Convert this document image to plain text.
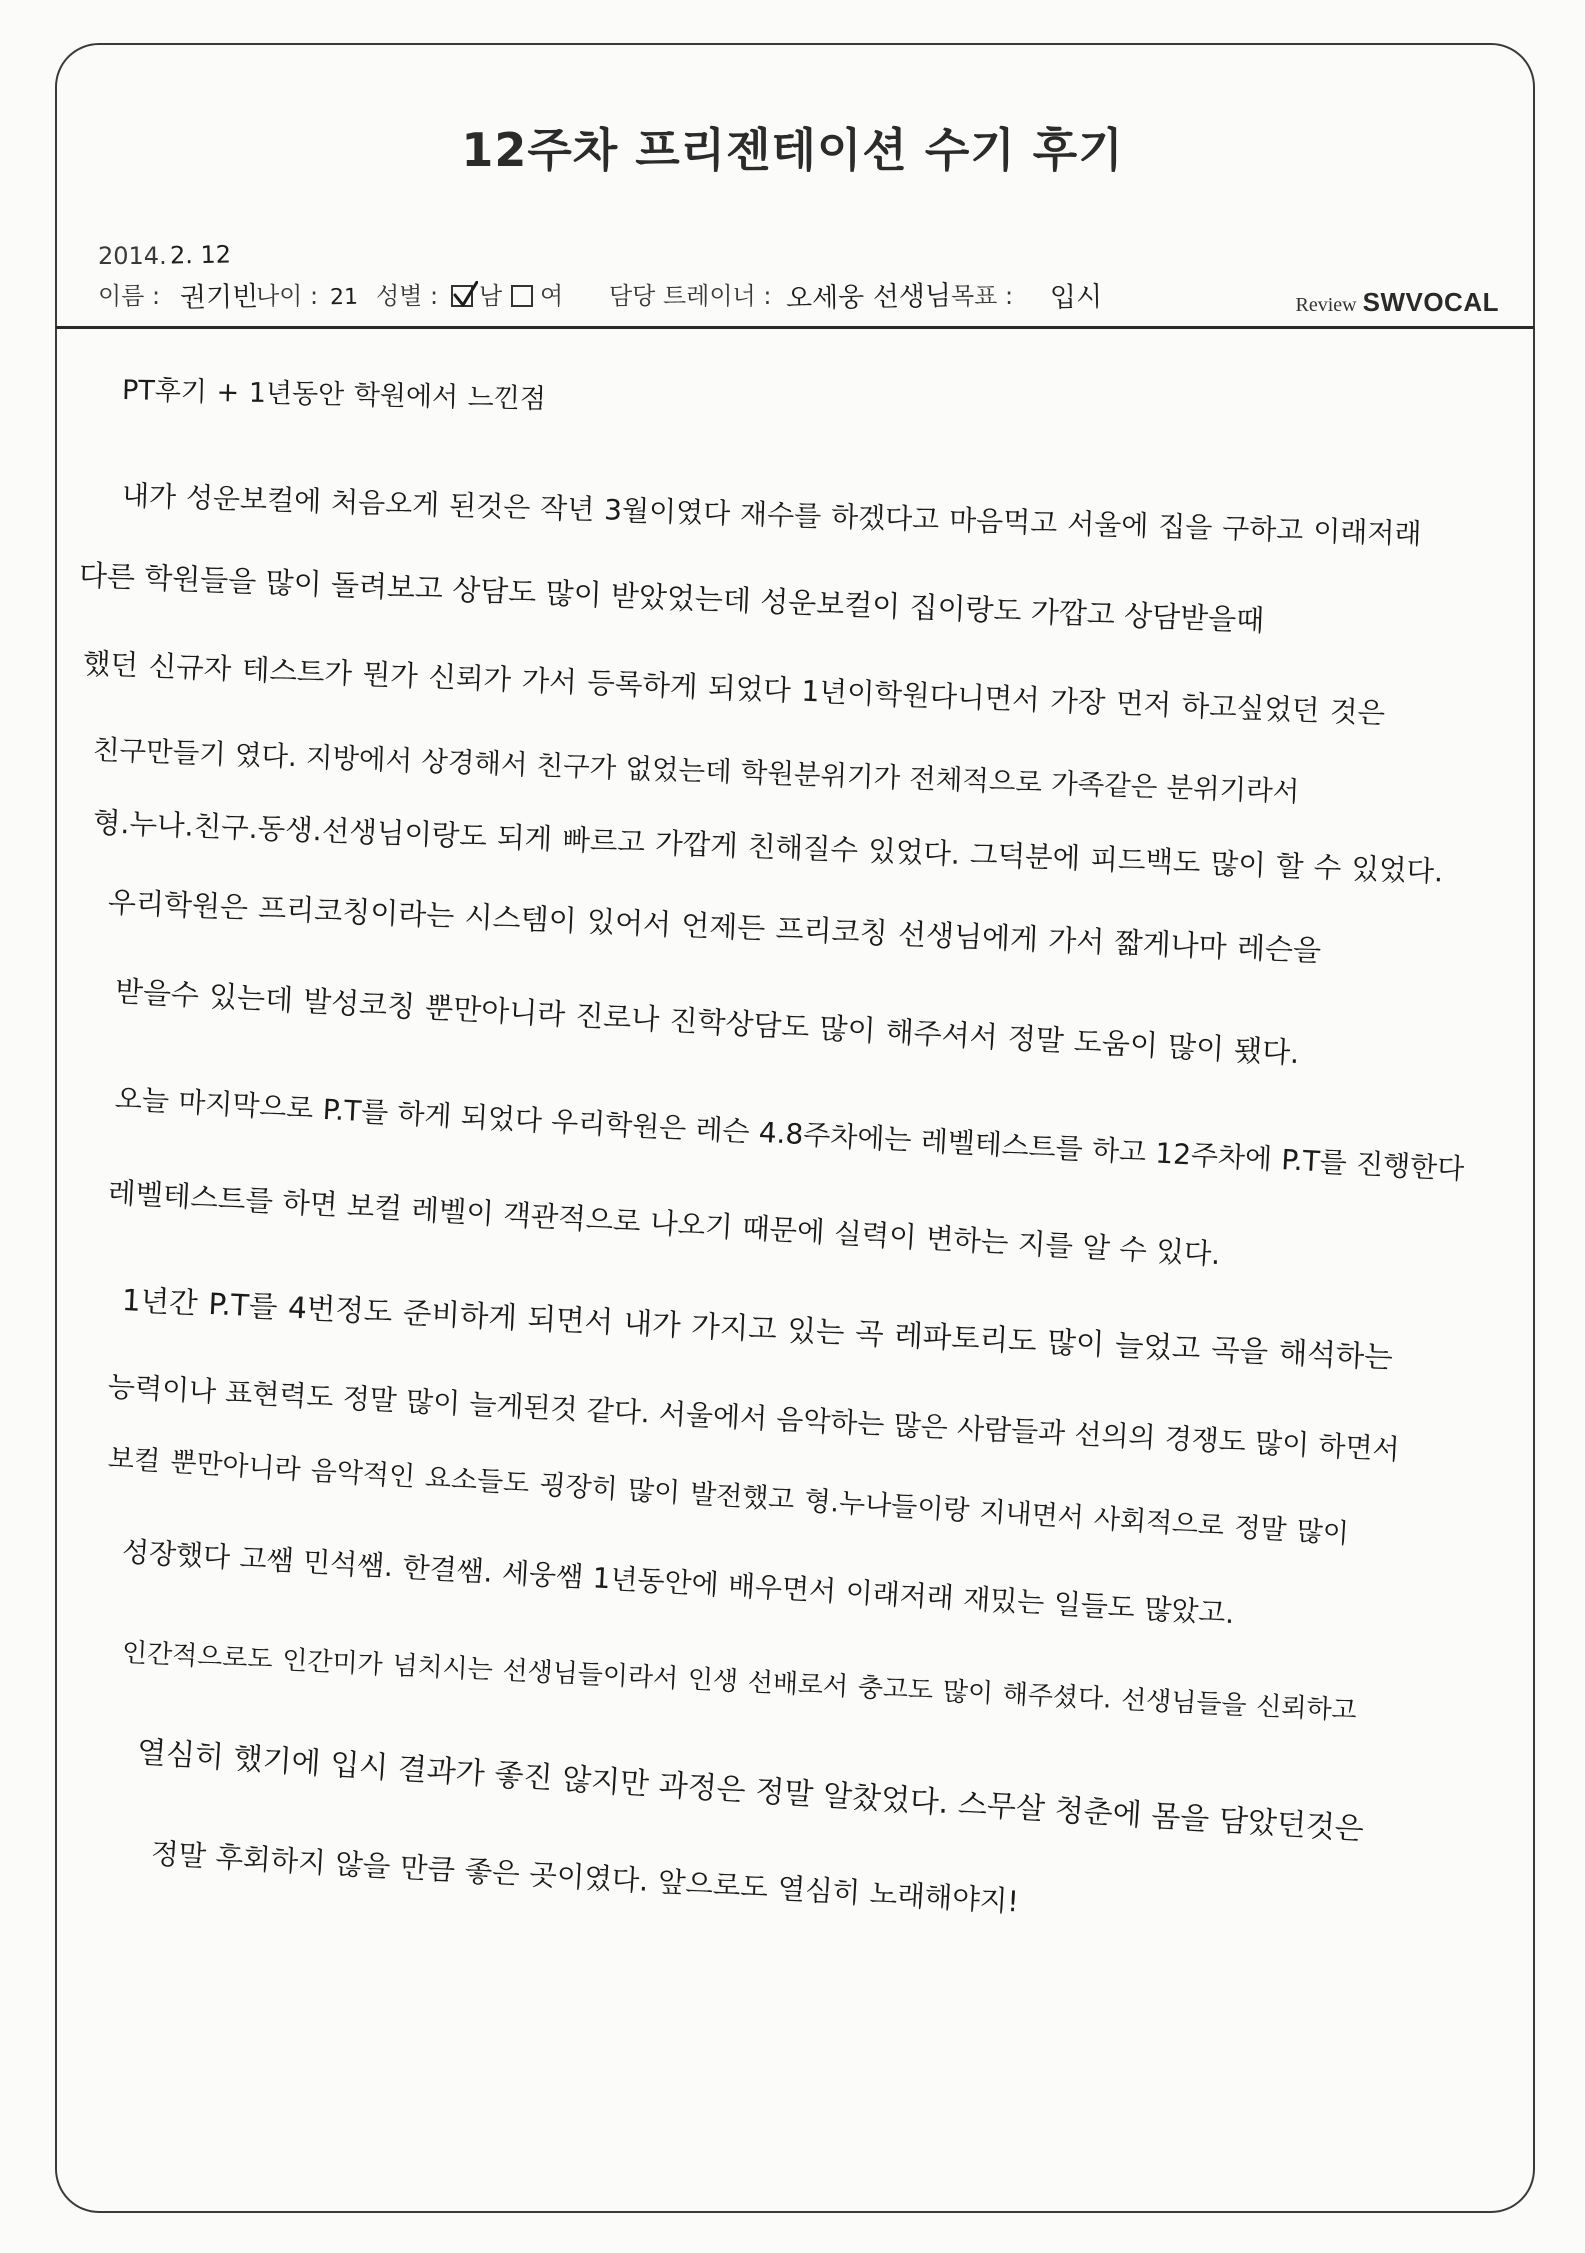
12주차 프리젠테이션 수기 후기
2014. 2. 12
이름 : 권기빈
나이 : 21 성별 : 남 여 담당 트레이너 : 오세웅 선생님 목표 : 입시	Review SWVOCAL
PT후기 + 1년동안 학원에서 느낀점
내가 성운보컬에 처음오게 된것은 작년 3월이였다 재수를 하겠다고 마음먹고 서울에 집을 구하고 이래저래
다른 학원들을 많이 돌려보고 상담도 많이 받았었는데 성운보컬이 집이랑도 가깝고 상담받을때
했던 신규자 테스트가 뭔가 신뢰가 가서 등록하게 되었다 1년이학원다니면서 가장 먼저 하고싶었던 것은
친구만들기 였다. 지방에서 상경해서 친구가 없었는데 학원분위기가 전체적으로 가족같은 분위기라서
형.누나.친구.동생.선생님이랑도 되게 빠르고 가깝게 친해질수 있었다. 그덕분에 피드백도 많이 할 수 있었다.
우리학원은 프리코칭이라는 시스템이 있어서 언제든 프리코칭 선생님에게 가서 짧게나마 레슨을
받을수 있는데 발성코칭 뿐만아니라 진로나 진학상담도 많이 해주셔서 정말 도움이 많이 됐다.
오늘 마지막으로 P.T를 하게 되었다 우리학원은 레슨 4.8주차에는 레벨테스트를 하고 12주차에 P.T를 진행한다
레벨테스트를 하면 보컬 레벨이 객관적으로 나오기 때문에 실력이 변하는 지를 알 수 있다.
1년간 P.T를 4번정도 준비하게 되면서 내가 가지고 있는 곡 레파토리도 많이 늘었고 곡을 해석하는
능력이나 표현력도 정말 많이 늘게된것 같다. 서울에서 음악하는 많은 사람들과 선의의 경쟁도 많이 하면서
보컬 뿐만아니라 음악적인 요소들도 굉장히 많이 발전했고 형.누나들이랑 지내면서 사회적으로 정말 많이
성장했다 고쌤 민석쌤. 한결쌤. 세웅쌤 1년동안에 배우면서 이래저래 재밌는 일들도 많았고.
인간적으로도 인간미가 넘치시는 선생님들이라서 인생 선배로서 충고도 많이 해주셨다. 선생님들을 신뢰하고
열심히 했기에 입시 결과가 좋진 않지만 과정은 정말 알찼었다. 스무살 청춘에 몸을 담았던것은
정말 후회하지 않을 만큼 좋은 곳이였다. 앞으로도 열심히 노래해야지!
